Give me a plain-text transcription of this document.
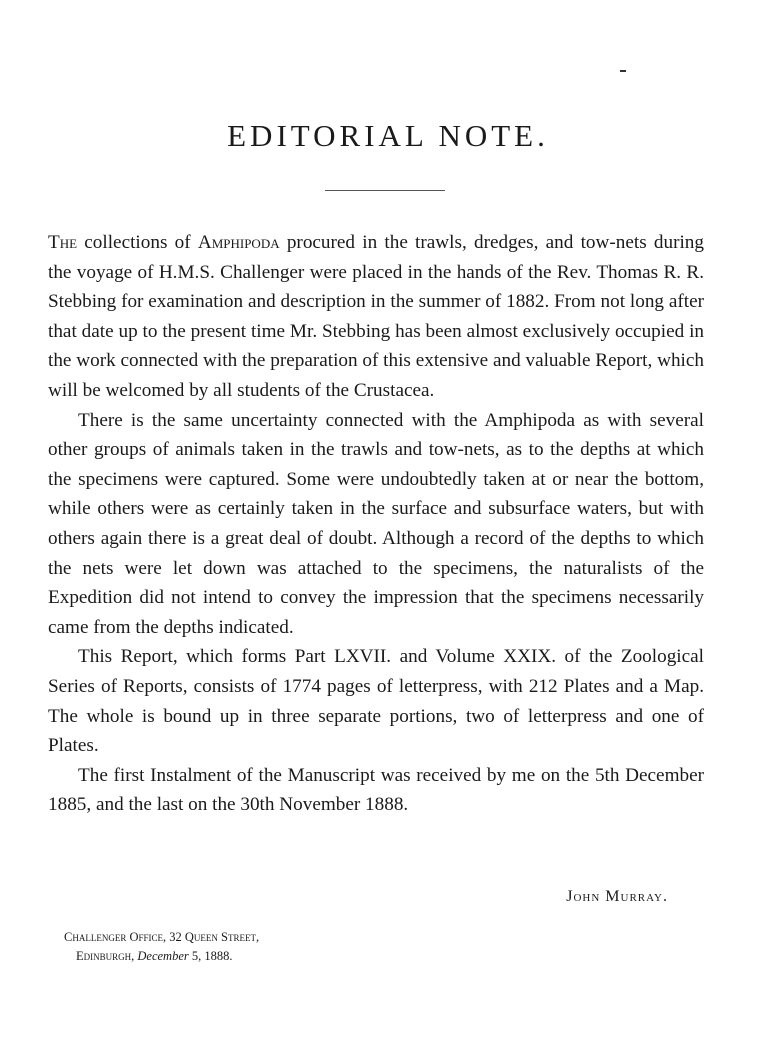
EDITORIAL NOTE.

The collections of Amphipoda procured in the trawls, dredges, and tow-nets during the voyage of H.M.S. Challenger were placed in the hands of the Rev. Thomas R. R. Stebbing for examination and description in the summer of 1882. From not long after that date up to the present time Mr. Stebbing has been almost exclusively occupied in the work connected with the preparation of this extensive and valuable Report, which will be welcomed by all students of the Crustacea.

There is the same uncertainty connected with the Amphipoda as with several other groups of animals taken in the trawls and tow-nets, as to the depths at which the specimens were captured. Some were undoubtedly taken at or near the bottom, while others were as certainly taken in the surface and subsurface waters, but with others again there is a great deal of doubt. Although a record of the depths to which the nets were let down was attached to the specimens, the naturalists of the Expedition did not intend to convey the impression that the specimens necessarily came from the depths indicated.

This Report, which forms Part LXVII. and Volume XXIX. of the Zoological Series of Reports, consists of 1774 pages of letterpress, with 212 Plates and a Map. The whole is bound up in three separate portions, two of letterpress and one of Plates.

The first Instalment of the Manuscript was received by me on the 5th December 1885, and the last on the 30th November 1888.

John Murray.
Challenger Office, 32 Queen Street,
Edinburgh, December 5, 1888.
